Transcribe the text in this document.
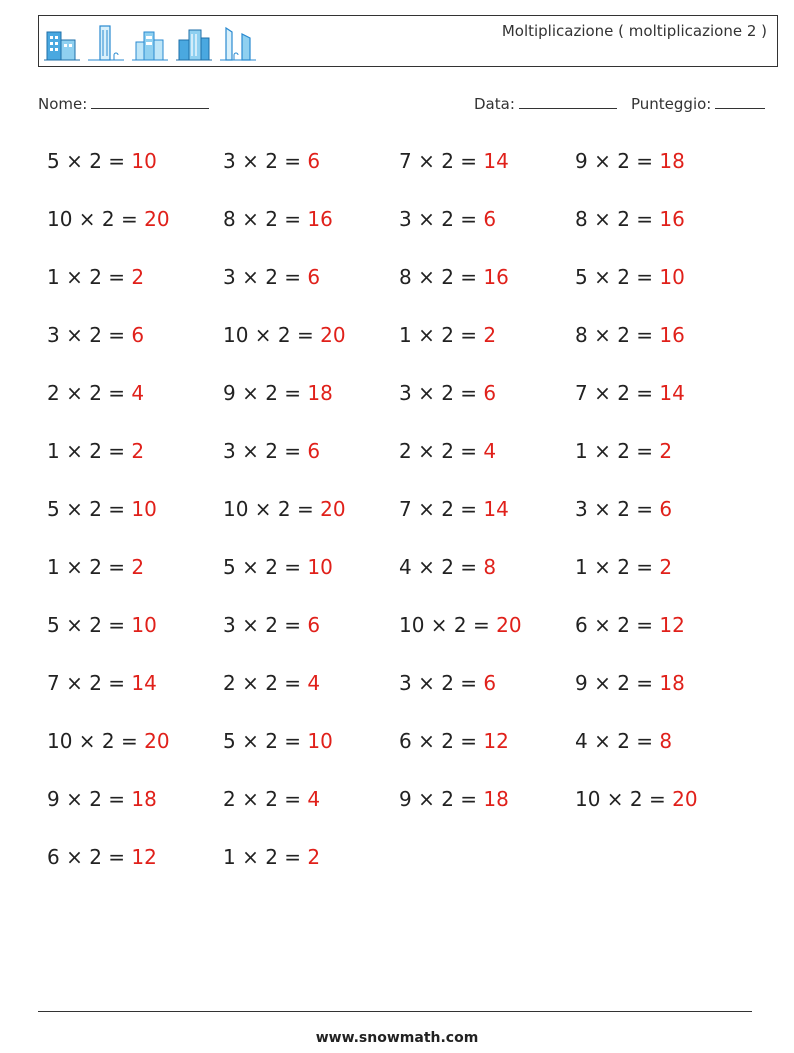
Moltiplicazione ( moltiplicazione 2 )
Nome:	Data:	Punteggio:
5 × 2 = 10	3 × 2 = 6	7 × 2 = 14	9 × 2 = 18
10 × 2 = 20	8 × 2 = 16	3 × 2 = 6	8 × 2 = 16
1 × 2 = 2	3 × 2 = 6	8 × 2 = 16	5 × 2 = 10
3 × 2 = 6	10 × 2 = 20	1 × 2 = 2	8 × 2 = 16
2 × 2 = 4	9 × 2 = 18	3 × 2 = 6	7 × 2 = 14
1 × 2 = 2	3 × 2 = 6	2 × 2 = 4	1 × 2 = 2
5 × 2 = 10	10 × 2 = 20	7 × 2 = 14	3 × 2 = 6
1 × 2 = 2	5 × 2 = 10	4 × 2 = 8	1 × 2 = 2
5 × 2 = 10	3 × 2 = 6	10 × 2 = 20	6 × 2 = 12
7 × 2 = 14	2 × 2 = 4	3 × 2 = 6	9 × 2 = 18
10 × 2 = 20	5 × 2 = 10	6 × 2 = 12	4 × 2 = 8
9 × 2 = 18	2 × 2 = 4	9 × 2 = 18	10 × 2 = 20
6 × 2 = 12	1 × 2 = 2
www.snowmath.com
